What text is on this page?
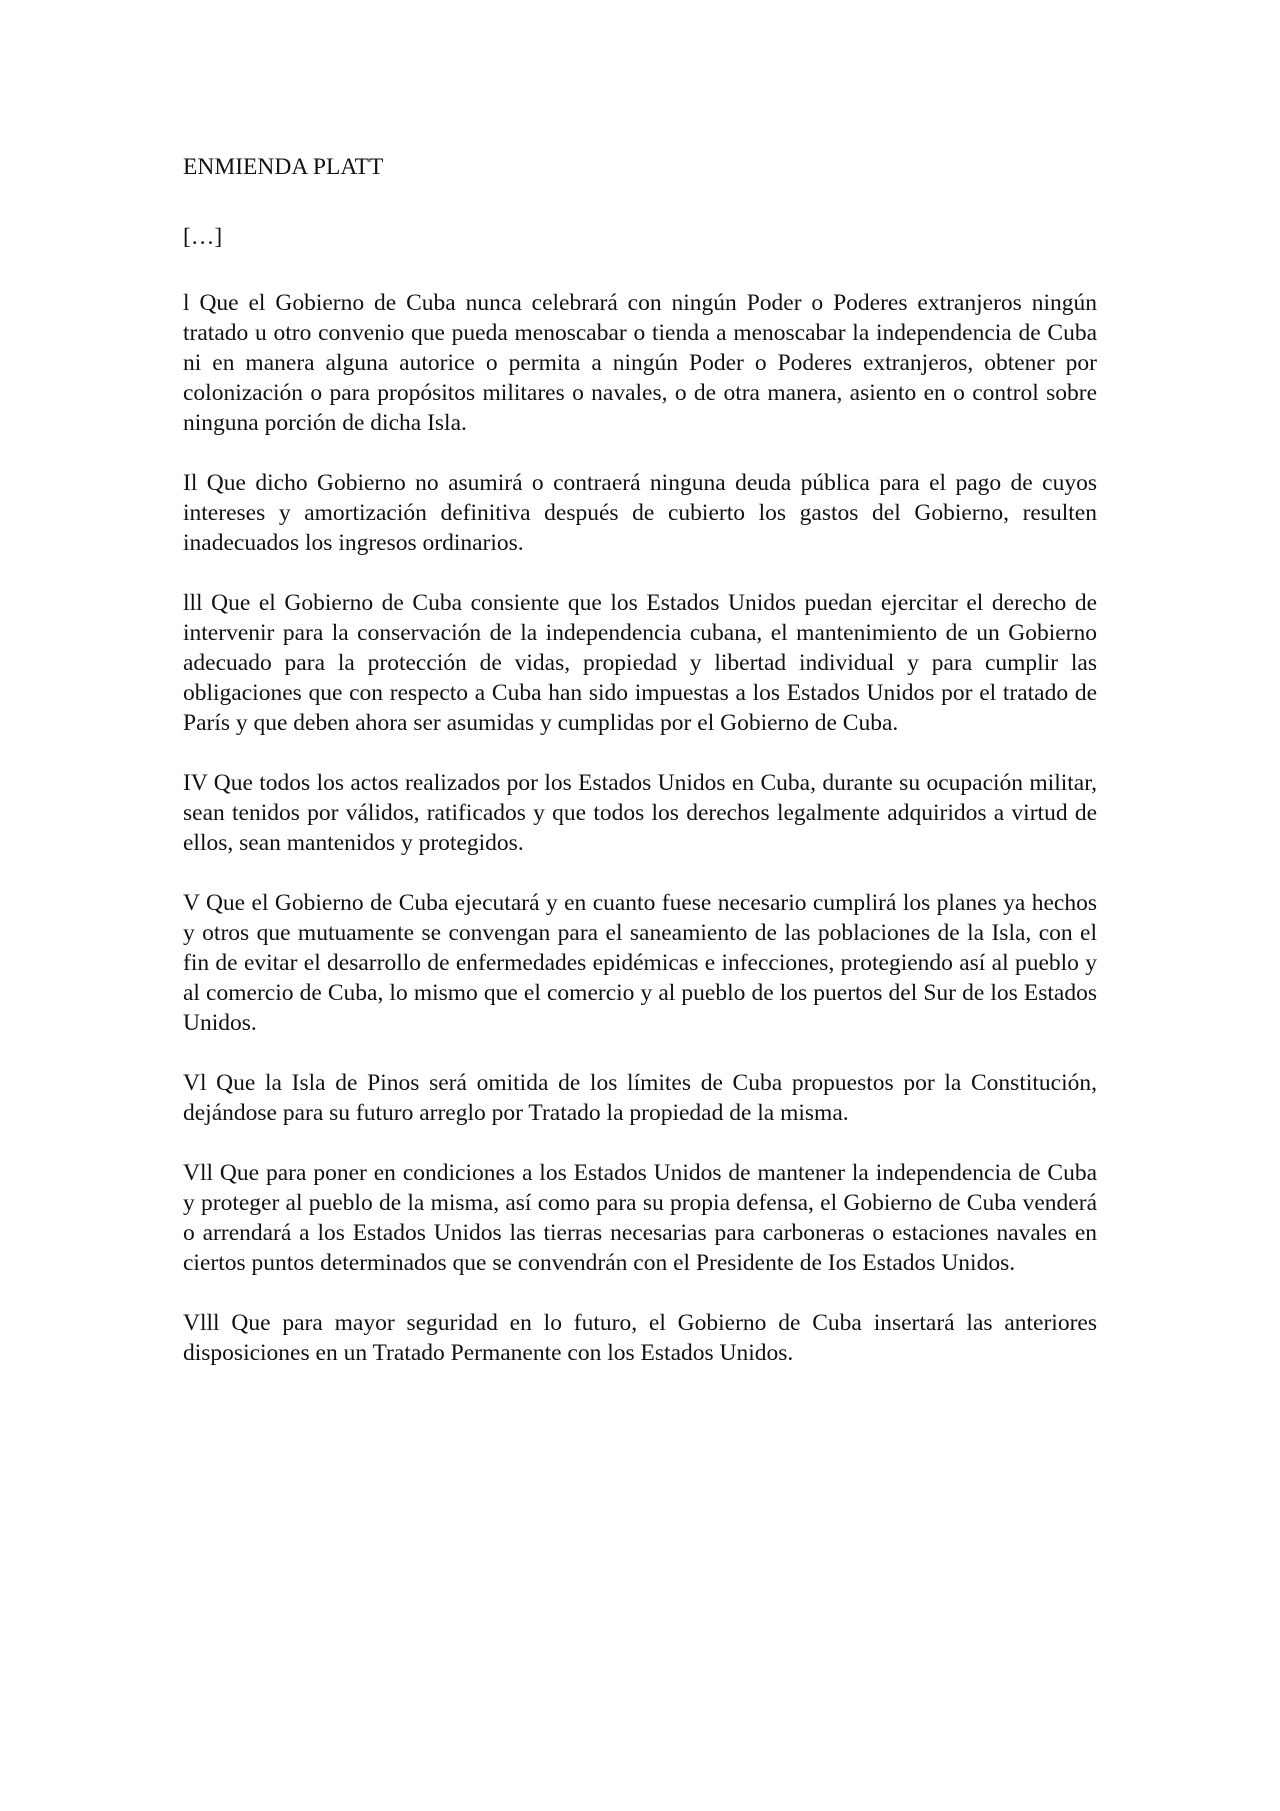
ENMIENDA PLATT

[…]

l Que el Gobierno de Cuba nunca celebrará con ningún Poder o Poderes extranjeros ningún tratado u otro convenio que pueda menoscabar o tienda a menoscabar la independencia de Cuba ni en manera alguna autorice o permita a ningún Poder o Poderes extranjeros, obtener por colonización o para propósitos militares o navales, o de otra manera, asiento en o control sobre ninguna porción de dicha Isla.

Il Que dicho Gobierno no asumirá o contraerá ninguna deuda pública para el pago de cuyos intereses y amortización definitiva después de cubierto los gastos del Gobierno, resulten inadecuados los ingresos ordinarios.

lll Que el Gobierno de Cuba consiente que los Estados Unidos puedan ejercitar el derecho de intervenir para la conservación de la independencia cubana, el mantenimiento de un Gobierno adecuado para la protección de vidas, propiedad y libertad individual y para cumplir las obligaciones que con respecto a Cuba han sido impuestas a los Estados Unidos por el tratado de París y que deben ahora ser asumidas y cumplidas por el Gobierno de Cuba.

IV Que todos los actos realizados por los Estados Unidos en Cuba, durante su ocupación militar, sean tenidos por válidos, ratificados y que todos los derechos legalmente adquiridos a virtud de ellos, sean mantenidos y protegidos.

V Que el Gobierno de Cuba ejecutará y en cuanto fuese necesario cumplirá los planes ya hechos y otros que mutuamente se convengan para el saneamiento de las poblaciones de la Isla, con el fin de evitar el desarrollo de enfermedades epidémicas e infecciones, protegiendo así al pueblo y al comercio de Cuba, lo mismo que el comercio y al pueblo de los puertos del Sur de los Estados Unidos.

Vl Que la Isla de Pinos será omitida de los límites de Cuba propuestos por la Constitución, dejándose para su futuro arreglo por Tratado la propiedad de la misma.

Vll Que para poner en condiciones a los Estados Unidos de mantener la independencia de Cuba y proteger al pueblo de la misma, así como para su propia defensa, el Gobierno de Cuba venderá o arrendará a los Estados Unidos las tierras necesarias para carboneras o estaciones navales en ciertos puntos determinados que se convendrán con el Presidente de Ios Estados Unidos.

Vlll Que para mayor seguridad en lo futuro, el Gobierno de Cuba insertará las anteriores disposiciones en un Tratado Permanente con los Estados Unidos.
